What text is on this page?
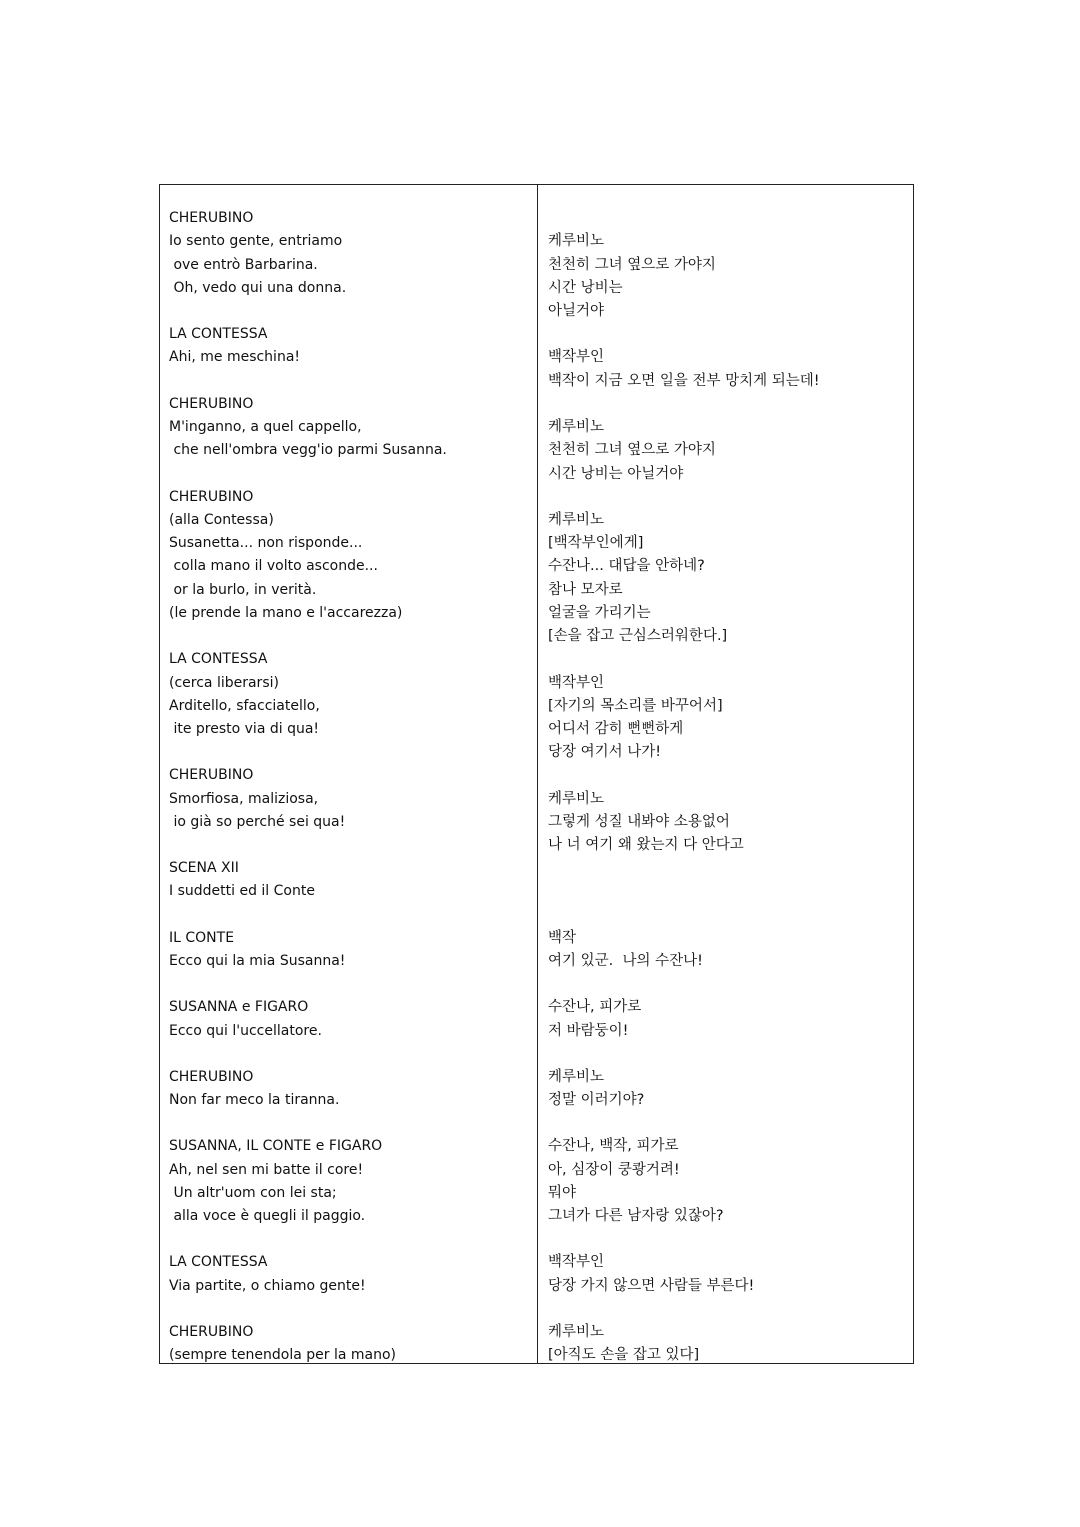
CHERUBINO
Io sento gente, entriamo
ove entrò Barbarina.
Oh, vedo qui una donna.
LA CONTESSA
Ahi, me meschina!
CHERUBINO
M'inganno, a quel cappello,
che nell'ombra vegg'io parmi Susanna.
CHERUBINO
(alla Contessa)
Susanetta... non risponde...
colla mano il volto asconde...
or la burlo, in verità.
(le prende la mano e l'accarezza)
LA CONTESSA
(cerca liberarsi)
Arditello, sfacciatello,
ite presto via di qua!
CHERUBINO
Smorfiosa, maliziosa,
io già so perché sei qua!
SCENA XII
I suddetti ed il Conte
IL CONTE
Ecco qui la mia Susanna!
SUSANNA e FIGARO
Ecco qui l'uccellatore.
CHERUBINO
Non far meco la tiranna.
SUSANNA, IL CONTE e FIGARO
Ah, nel sen mi batte il core!
Un altr'uom con lei sta;
alla voce è quegli il paggio.
LA CONTESSA
Via partite, o chiamo gente!
CHERUBINO
(sempre tenendola per la mano)
케루비노
천천히 그녀 옆으로 가야지
시간 낭비는
아닐거야
백작부인
백작이 지금 오면 일을 전부 망치게 되는데!
케루비노
천천히 그녀 옆으로 가야지
시간 낭비는 아닐거야
케루비노
[백작부인에게]
수잔나... 대답을 안하네?
참나 모자로
얼굴을 가리기는
[손을 잡고 근심스러워한다.]
백작부인
[자기의 목소리를 바꾸어서]
어디서 감히 뻔뻔하게
당장 여기서 나가!
케루비노
그렇게 성질 내봐야 소용없어
나 너 여기 왜 왔는지 다 안다고
백작
여기 있군.  나의 수잔나!
수잔나, 피가로
저 바람둥이!
케루비노
정말 이러기야?
수잔나, 백작, 피가로
아, 심장이 쿵쾅거려!
뭐야
그녀가 다른 남자랑 있잖아?
백작부인
당장 가지 않으면 사람들 부른다!
케루비노
[아직도 손을 잡고 있다]
